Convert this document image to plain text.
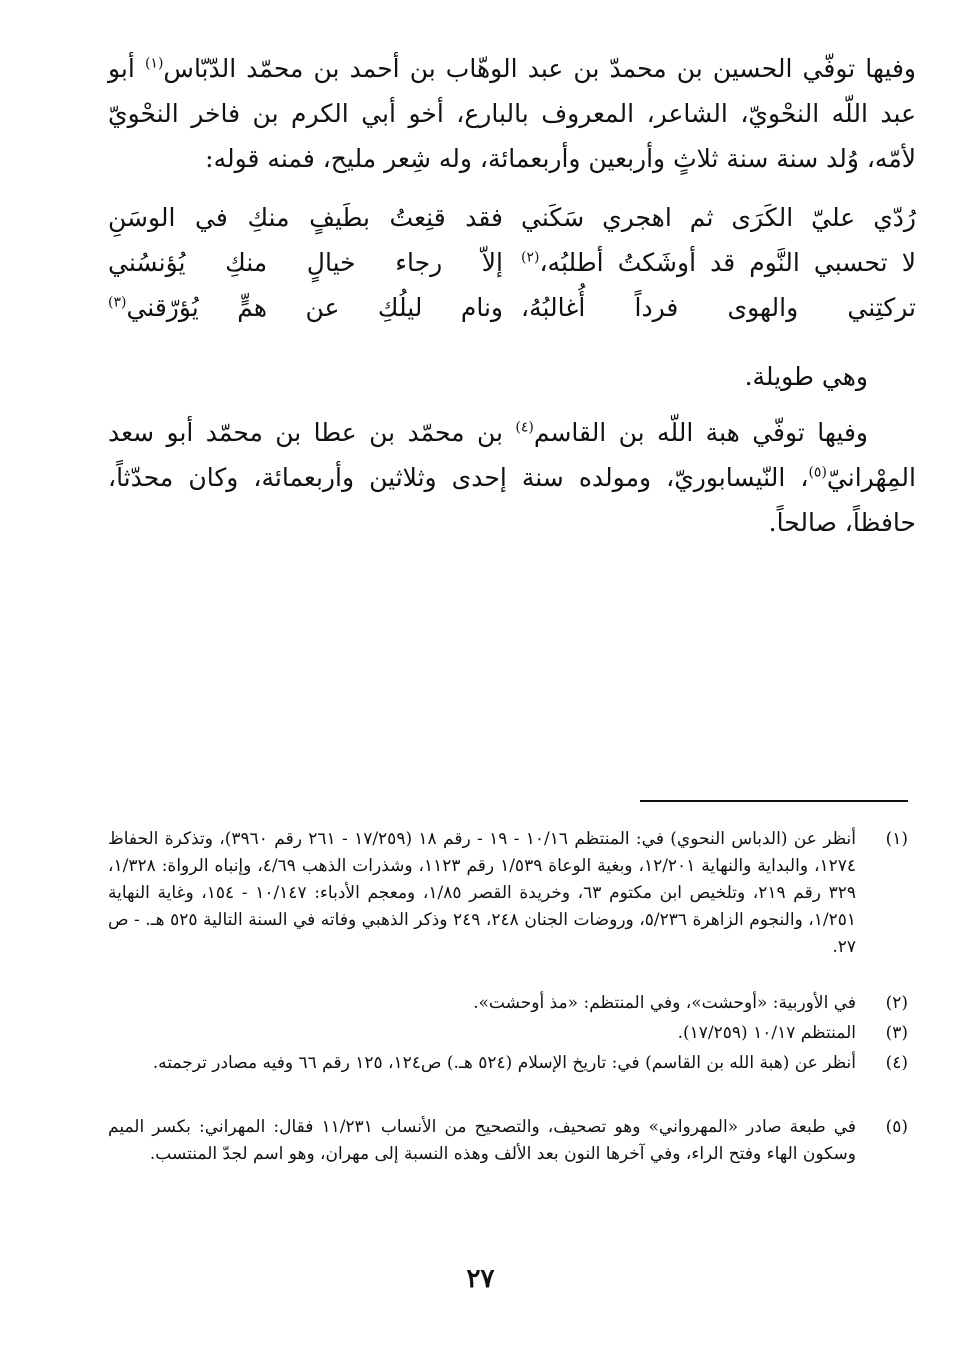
وفيها توفّي الحسين بن محمدّ بن عبد الوهّاب بن أحمد بن محمّد الدّبّاس$^{(١)}$ أبو عبد اللّه النحْويّ، الشاعر، المعروف بالبارع، أخو أبي الكرم بن فاخر النحْويّ لأمّه، وُلد سنة سنة ثلاثٍ وأربعين وأربعمائة، وله شِعر مليح، فمنه قوله:

رُدّي عليّ الكَرَى ثم اهجري سَكَني
فقد قنِعتُ بطَيفٍ منكِ في الوسَنِ
لا تحسبي النَّوم قد أوشَكتُ أطلبُه،$^{(٢)}$
إلاّ رجاء خيالٍ منكِ يُؤنسُني
تركتِني والهوى فرداً أُغالبُهُ،
ونام ليلُكِ عن همٍّ يُؤرّقني$^{(٣)}$
وهي طويلة.
وفيها توفّي هبة اللّه بن القاسم$^{(٤)}$ بن محمّد بن عطا بن محمّد أبو سعد المِهْرانيّ$^{(٥)}$، النّيسابوريّ، ومولده سنة إحدى وثلاثين وأربعمائة، وكان محدّثاً، حافظاً، صالحاً.
(١)
أنظر عن (الدباس النحوي) في: المنتظم ١٠/١٦ - ١٩ - رقم ١٨ (١٧/٢٥٩ - ٢٦١ رقم ٣٩٦٠)، وتذكرة الحفاظ ١٢٧٤، والبداية والنهاية ١٢/٢٠١، وبغية الوعاة ١/٥٣٩ رقم ١١٢٣، وشذرات الذهب ٤/٦٩، وإنباه الرواة: ١/٣٢٨، ٣٢٩ رقم ٢١٩، وتلخيص ابن مكتوم ٦٣، وخريدة القصر ١/٨٥، ومعجم الأدباء: ١٠/١٤٧ - ١٥٤، وغاية النهاية ١/٢٥١، والنجوم الزاهرة ٥/٢٣٦، وروضات الجنان ٢٤٨، ٢٤٩ وذكر الذهبي وفاته في السنة التالية ٥٢٥ هـ. - ص ٢٧.
(٢)
في الأوربية: «أوحشت»، وفي المنتظم: «مذ أوحشت».
(٣)
المنتظم ١٠/١٧ (١٧/٢٥٩).
(٤)
أنظر عن (هبة الله بن القاسم) في: تاريخ الإسلام (٥٢٤ هـ.) ص١٢٤، ١٢٥ رقم ٦٦ وفيه مصادر ترجمته.
(٥)
في طبعة صادر «المهرواني» وهو تصحيف، والتصحيح من الأنساب ١١/٢٣١ فقال: المهراني: بكسر الميم وسكون الهاء وفتح الراء، وفي آخرها النون بعد الألف وهذه النسبة إلى مهران، وهو اسم لجدّ المنتسب.
٢٧
